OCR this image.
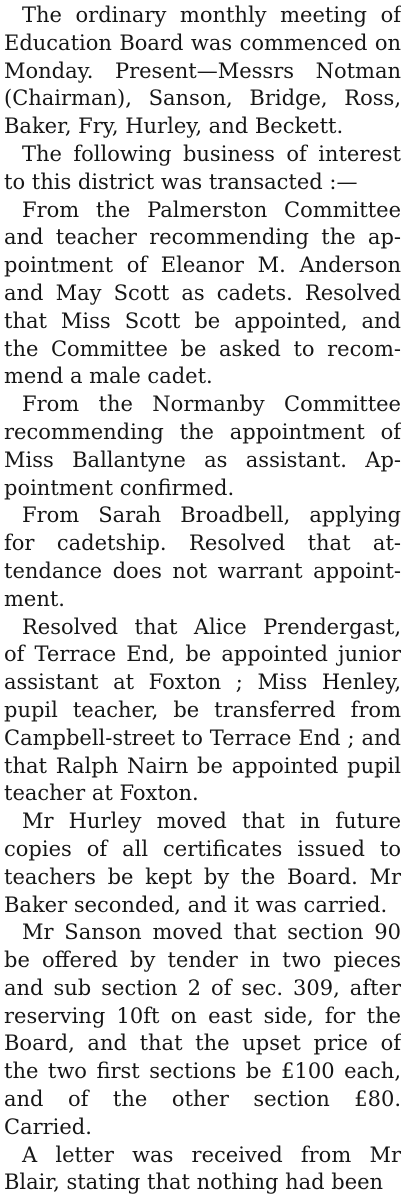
The ordinary monthly meeting of
Education Board was commenced on
Monday. Present—Messrs Notman
(Chairman), Sanson, Bridge, Ross,
Baker, Fry, Hurley, and Beckett.

The following business of interest
to this district was transacted :—

From the Palmerston Committee
and teacher recommending the ap-
pointment of Eleanor M. Anderson
and May Scott as cadets. Resolved
that Miss Scott be appointed, and
the Committee be asked to recom-
mend a male cadet.

From the Normanby Committee
recommending the appointment of
Miss Ballantyne as assistant. Ap-
pointment confirmed.

From Sarah Broadbell, applying
for cadetship. Resolved that at-
tendance does not warrant appoint-
ment.

Resolved that Alice Prendergast,
of Terrace End, be appointed junior
assistant at Foxton ; Miss Henley,
pupil teacher, be transferred from
Campbell-street to Terrace End ; and
that Ralph Nairn be appointed pupil
teacher at Foxton.

Mr Hurley moved that in future
copies of all certificates issued to
teachers be kept by the Board. Mr
Baker seconded, and it was carried.

Mr Sanson moved that section 90
be offered by tender in two pieces
and sub section 2 of sec. 309, after
reserving 10ft on east side, for the
Board, and that the upset price of
the two first sections be £100 each,
and of the other section £80.
Carried.

A letter was received from Mr
Blair, stating that nothing had been
